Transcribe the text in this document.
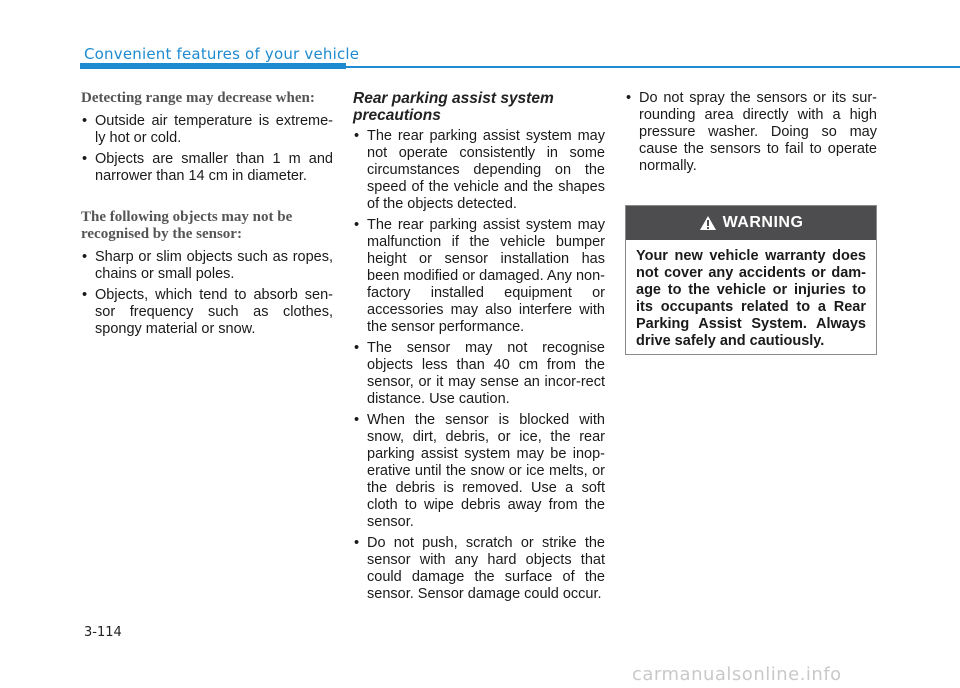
Convenient features of your vehicle
Detecting range may decrease when:
• Outside air temperature is extreme-ly hot or cold.
• Objects are smaller than 1 m and narrower than 14 cm in diameter.
The following objects may not be recognised by the sensor:
• Sharp or slim objects such as ropes, chains or small poles.
• Objects, which tend to absorb sen-sor frequency such as clothes, spongy material or snow.
Rear parking assist system precautions
• The rear parking assist system may not operate consistently in some circumstances depending on the speed of the vehicle and the shapes of the objects detected.
• The rear parking assist system may malfunction if the vehicle bumper height or sensor installation has been modified or damaged. Any non-factory installed equipment or accessories may also interfere with the sensor performance.
• The sensor may not recognise objects less than 40 cm from the sensor, or it may sense an incor-rect distance. Use caution.
• When the sensor is blocked with snow, dirt, debris, or ice, the rear parking assist system may be inop-erative until the snow or ice melts, or the debris is removed. Use a soft cloth to wipe debris away from the sensor.
• Do not push, scratch or strike the sensor with any hard objects that could damage the surface of the sensor. Sensor damage could occur.
• Do not spray the sensors or its sur-rounding area directly with a high pressure washer. Doing so may cause the sensors to fail to operate normally.
WARNING
Your new vehicle warranty does not cover any accidents or dam-age to the vehicle or injuries to its occupants related to a Rear Parking Assist System. Always drive safely and cautiously.
3-114
carmanualsonline.info
